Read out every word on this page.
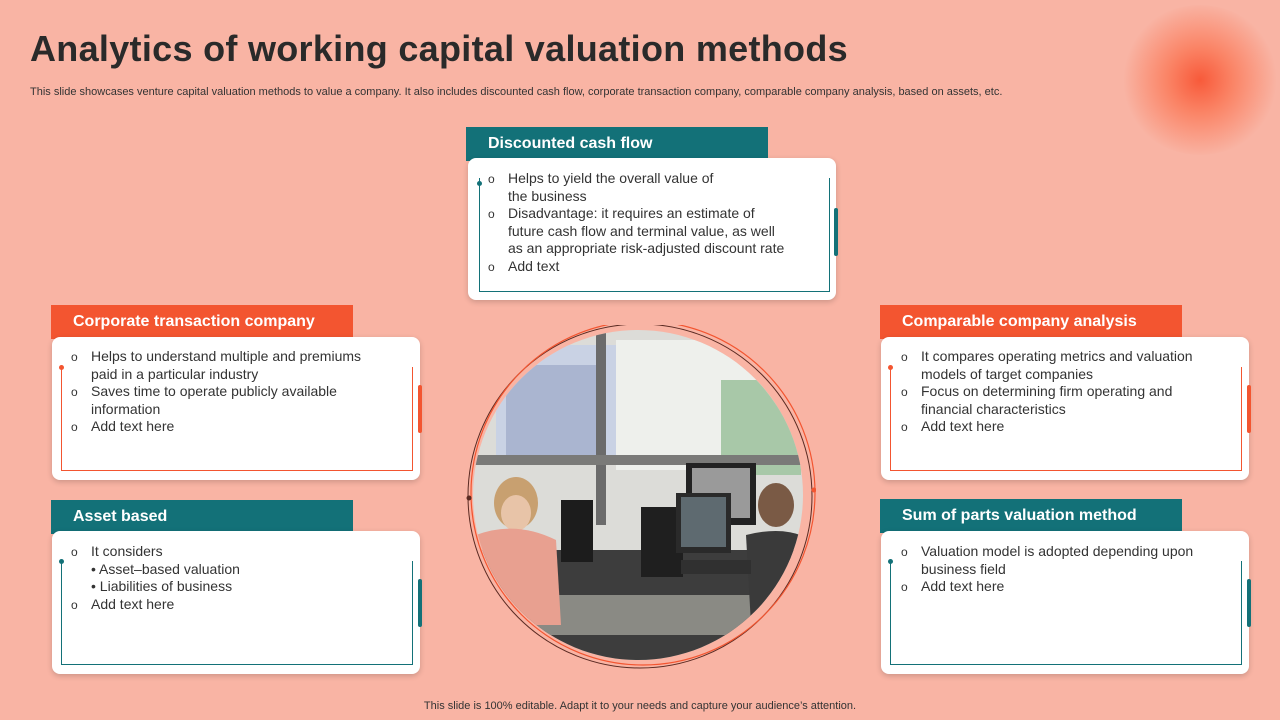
Analytics of working capital valuation methods

This slide showcases venture capital valuation methods to value a company. It also includes discounted cash flow, corporate transaction company, comparable company analysis, based on assets, etc.

Discounted cash flow
o Helps to yield the overall value of
the business
o Disadvantage: it requires an estimate of
future cash flow and terminal value, as well
as an appropriate risk-adjusted discount rate
o Add text
Corporate transaction company
o Helps to understand multiple and premiums
paid in a particular industry
o Saves time to operate publicly available
information
o Add text here
Asset based
o It considers
• Asset–based valuation
• Liabilities of business
o Add text here
Comparable company analysis
o It compares operating metrics and valuation
models of target companies
o Focus on determining firm operating and
financial characteristics
o Add text here
Sum of parts valuation method
o Valuation model is adopted depending upon
business field
o Add text here
This slide is 100% editable. Adapt it to your needs and capture your audience’s attention.
